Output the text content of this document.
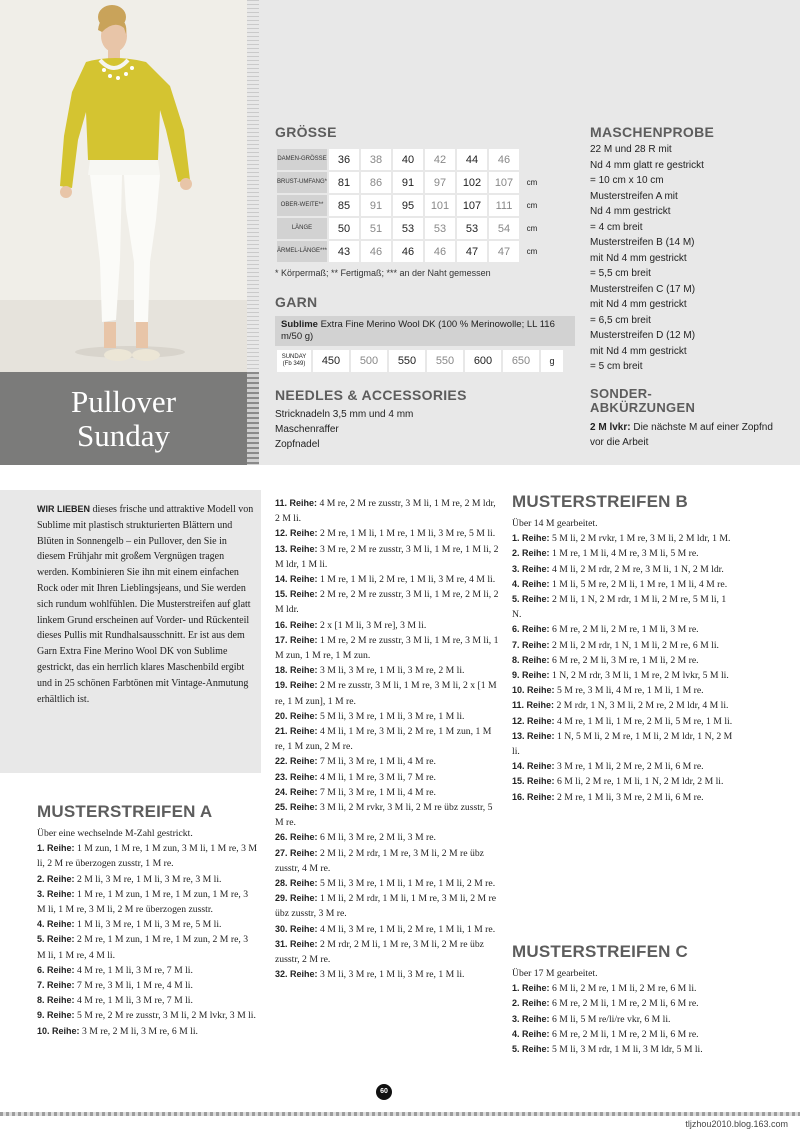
Pullover
Sunday
GRÖSSE
DAMEN-GRÖSSE	36	38	40	42	44	46	
BRUST-UMFANG*	81	86	91	97	102	107	cm
OBER-WEITE**	85	91	95	101	107	111	cm
LÄNGE	50	51	53	53	53	54	cm
ÄRMEL-LÄNGE***	43	46	46	46	47	47	cm
* Körpermaß; ** Fertigmaß; *** an der Naht gemessen
GARN
Sublime Extra Fine Merino Wool DK (100 % Merinowolle; LL 116 m/50 g)
SUNDAY (Fb 349)	450	500	550	550	600	650	g
NEEDLES & ACCESSORIES
Stricknadeln 3,5 mm und 4 mm
Maschenraffer
Zopfnadel
MASCHENPROBE
22 M und 28 R mit
Nd 4 mm glatt re gestrickt
= 10 cm x 10 cm
Musterstreifen A mit
Nd 4 mm gestrickt
= 4 cm breit
Musterstreifen B (14 M)
mit Nd 4 mm gestrickt
= 5,5 cm breit
Musterstreifen C (17 M)
mit Nd 4 mm gestrickt
= 6,5 cm breit
Musterstreifen D (12 M)
mit Nd 4 mm gestrickt
= 5 cm breit
SONDER-
ABKÜRZUNGEN
2 M lvkr: Die nächste M auf einer Zopfnd vor die Arbeit

WIR LIEBEN dieses frische und attraktive Modell von Sublime mit plastisch strukturierten Blättern und Blüten in Sonnengelb – ein Pullover, den Sie in diesem Frühjahr mit großem Vergnügen tragen werden. Kombinieren Sie ihn mit einem einfachen Rock oder mit Ihren Lieblingsjeans, und Sie werden sich rundum wohlfühlen. Die Musterstreifen auf glatt linkem Grund erscheinen auf Vorder- und Rückenteil dieses Pullis mit Rundhalsausschnitt. Er ist aus dem Garn Extra Fine Merino Wool DK von Sublime gestrickt, das ein herrlich klares Maschenbild ergibt und in 25 schönen Farbtönen mit Vintage-Anmutung erhältlich ist.

MUSTERSTREIFEN A
Über eine wechselnde M-Zahl gestrickt.
1. Reihe: 1 M zun, 1 M re, 1 M zun, 3 M li, 1 M re, 3 M li, 2 M re überzogen zusstr, 1 M re.
2. Reihe: 2 M li, 3 M re, 1 M li, 3 M re, 3 M li.
3. Reihe: 1 M re, 1 M zun, 1 M re, 1 M zun, 1 M re, 3 M li, 1 M re, 3 M li, 2 M re überzogen zusstr.
4. Reihe: 1 M li, 3 M re, 1 M li, 3 M re, 5 M li.
5. Reihe: 2 M re, 1 M zun, 1 M re, 1 M zun, 2 M re, 3 M li, 1 M re, 4 M li.
6. Reihe: 4 M re, 1 M li, 3 M re, 7 M li.
7. Reihe: 7 M re, 3 M li, 1 M re, 4 M li.
8. Reihe: 4 M re, 1 M li, 3 M re, 7 M li.
9. Reihe: 5 M re, 2 M re zusstr, 3 M li, 2 M lvkr, 3 M li.
10. Reihe: 3 M re, 2 M li, 3 M re, 6 M li.
11. Reihe: 4 M re, 2 M re zusstr, 3 M li, 1 M re, 2 M ldr, 2 M li.
12. Reihe: 2 M re, 1 M li, 1 M re, 1 M li, 3 M re, 5 M li.
13. Reihe: 3 M re, 2 M re zusstr, 3 M li, 1 M re, 1 M li, 2 M ldr, 1 M li.
14. Reihe: 1 M re, 1 M li, 2 M re, 1 M li, 3 M re, 4 M li.
15. Reihe: 2 M re, 2 M re zusstr, 3 M li, 1 M re, 2 M li, 2 M ldr.
16. Reihe: 2 x [1 M li, 3 M re], 3 M li.
17. Reihe: 1 M re, 2 M re zusstr, 3 M li, 1 M re, 3 M li, 1 M zun, 1 M re, 1 M zun.
18. Reihe: 3 M li, 3 M re, 1 M li, 3 M re, 2 M li.
19. Reihe: 2 M re zusstr, 3 M li, 1 M re, 3 M li, 2 x [1 M re, 1 M zun], 1 M re.
20. Reihe: 5 M li, 3 M re, 1 M li, 3 M re, 1 M li.
21. Reihe: 4 M li, 1 M re, 3 M li, 2 M re, 1 M zun, 1 M re, 1 M zun, 2 M re.
22. Reihe: 7 M li, 3 M re, 1 M li, 4 M re.
23. Reihe: 4 M li, 1 M re, 3 M li, 7 M re.
24. Reihe: 7 M li, 3 M re, 1 M li, 4 M re.
25. Reihe: 3 M li, 2 M rvkr, 3 M li, 2 M re übz zusstr, 5 M re.
26. Reihe: 6 M li, 3 M re, 2 M li, 3 M re.
27. Reihe: 2 M li, 2 M rdr, 1 M re, 3 M li, 2 M re übz zusstr, 4 M re.
28. Reihe: 5 M li, 3 M re, 1 M li, 1 M re, 1 M li, 2 M re.
29. Reihe: 1 M li, 2 M rdr, 1 M li, 1 M re, 3 M li, 2 M re übz zusstr, 3 M re.
30. Reihe: 4 M li, 3 M re, 1 M li, 2 M re, 1 M li, 1 M re.
31. Reihe: 2 M rdr, 2 M li, 1 M re, 3 M li, 2 M re übz zusstr, 2 M re.
32. Reihe: 3 M li, 3 M re, 1 M li, 3 M re, 1 M li.
MUSTERSTREIFEN B
Über 14 M gearbeitet.
1. Reihe: 5 M li, 2 M rvkr, 1 M re, 3 M li, 2 M ldr, 1 M.
2. Reihe: 1 M re, 1 M li, 4 M re, 3 M li, 5 M re.
3. Reihe: 4 M li, 2 M rdr, 2 M re, 3 M li, 1 N, 2 M ldr.
4. Reihe: 1 M li, 5 M re, 2 M li, 1 M re, 1 M li, 4 M re.
5. Reihe: 2 M li, 1 N, 2 M rdr, 1 M li, 2 M re, 5 M li, 1 N.
6. Reihe: 6 M re, 2 M li, 2 M re, 1 M li, 3 M re.
7. Reihe: 2 M li, 2 M rdr, 1 N, 1 M li, 2 M re, 6 M li.
8. Reihe: 6 M re, 2 M li, 3 M re, 1 M li, 2 M re.
9. Reihe: 1 N, 2 M rdr, 3 M li, 1 M re, 2 M lvkr, 5 M li.
10. Reihe: 5 M re, 3 M li, 4 M re, 1 M li, 1 M re.
11. Reihe: 2 M rdr, 1 N, 3 M li, 2 M re, 2 M ldr, 4 M li.
12. Reihe: 4 M re, 1 M li, 1 M re, 2 M li, 5 M re, 1 M li.
13. Reihe: 1 N, 5 M li, 2 M re, 1 M li, 2 M ldr, 1 N, 2 M li.
14. Reihe: 3 M re, 1 M li, 2 M re, 2 M li, 6 M re.
15. Reihe: 6 M li, 2 M re, 1 M li, 1 N, 2 M ldr, 2 M li.
16. Reihe: 2 M re, 1 M li, 3 M re, 2 M li, 6 M re.
MUSTERSTREIFEN C
Über 17 M gearbeitet.
1. Reihe: 6 M li, 2 M re, 1 M li, 2 M re, 6 M li.
2. Reihe: 6 M re, 2 M li, 1 M re, 2 M li, 6 M re.
3. Reihe: 6 M li, 5 M re/li/re vkr, 6 M li.
4. Reihe: 6 M re, 2 M li, 1 M re, 2 M li, 6 M re.
5. Reihe: 5 M li, 3 M rdr, 1 M li, 3 M ldr, 5 M li.
60
tljzhou2010.blog.163.com
